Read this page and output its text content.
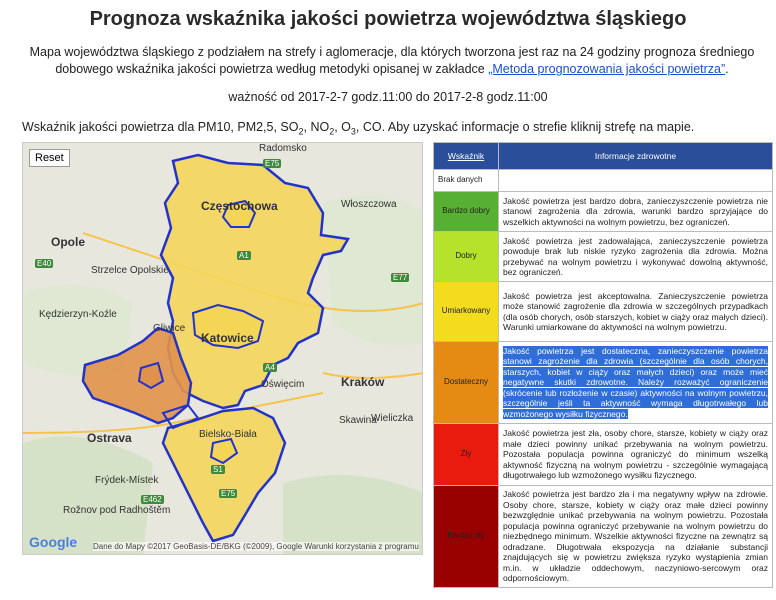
Prognoza wskaźnika jakości powietrza województwa śląskiego
Mapa województwa śląskiego z podziałem na strefy i aglomeracje, dla których tworzona jest raz na 24 godziny prognoza średniego dobowego wskaźnika jakości powietrza według metodyki opisanej w zakładce „Metoda prognozowania jakości powietrza”.
ważność od 2017-2-7 godz.11:00 do 2017-2-8 godz.11:00
Wskaźnik jakości powietrza dla PM10, PM2,5, $SO_2$, $NO_2$, $O_3$, CO. Aby uzyskać informacje o strefie kliknij strefę na mapie.
Reset
Radomsko
Częstochowa	Włoszczowa
Opole
Strzelce Opolskie
Kędzierzyn-Koźle
Katowice
Gliwice
Oświęcim	Kraków
Wieliczka
Skawina
Ostrava	Bielsko-Biała
Frýdek-Místek
Rožnov pod Radhoštěm
A1
E75
E40
E77
A4
E462
S1
E75
Google Dane do Mapy ©2017 GeoBasis-DE/BKG (©2009), Google Warunki korzystania z programu
Wskaźnik	Informacje zdrowotne
Brak danych	
Bardzo dobry	Jakość powietrza jest bardzo dobra, zanieczyszczenie powietrza nie stanowi zagrożenia dla zdrowia, warunki bardzo sprzyjające do wszelkich aktywności na wolnym powietrzu, bez ograniczeń.
Dobry	Jakość powietrza jest zadowalająca, zanieczyszczenie powietrza powoduje brak lub niskie ryzyko zagrożenia dla zdrowia. Można przebywać na wolnym powietrzu i wykonywać dowolną aktywność, bez ograniczeń.
Umiarkowany	Jakość powietrza jest akceptowalna. Zanieczyszczenie powietrza może stanowić zagrożenie dla zdrowia w szczególnych przypadkach (dla osób chorych, osób starszych, kobiet w ciąży oraz małych dzieci). Warunki umiarkowane do aktywności na wolnym powietrzu.
Dostateczny	Jakość powietrza jest dostateczna, zanieczyszczenie powietrza stanowi zagrożenie dla zdrowia (szczególnie dla osób chorych, starszych, kobiet w ciąży oraz małych dzieci) oraz może mieć negatywne skutki zdrowotne. Należy rozważyć ograniczenie (skrócenie lub rozłożenie w czasie) aktywności na wolnym powietrzu, szczególnie jeśli ta aktywność wymaga długotrwałego lub wzmożonego wysiłku fizycznego.
Zły	Jakość powietrza jest zła, osoby chore, starsze, kobiety w ciąży oraz małe dzieci powinny unikać przebywania na wolnym powietrzu. Pozostała populacja powinna ograniczyć do minimum wszelką aktywność fizyczną na wolnym powietrzu - szczególnie wymagającą długotrwałego lub wzmożonego wysiłku fizycznego.
Bardzo zły	Jakość powietrza jest bardzo zła i ma negatywny wpływ na zdrowie. Osoby chore, starsze, kobiety w ciąży oraz małe dzieci powinny bezwzględnie unikać przebywania na wolnym powietrzu. Pozostała populacja powinna ograniczyć przebywanie na wolnym powietrzu do niezbędnego minimum. Wszelkie aktywności fizyczne na zewnątrz są odradzane. Długotrwała ekspozycja na działanie substancji znajdujących się w powietrzu zwiększa ryzyko wystąpienia zmian m.in. w układzie oddechowym, naczyniowo-sercowym oraz odpornościowym.
